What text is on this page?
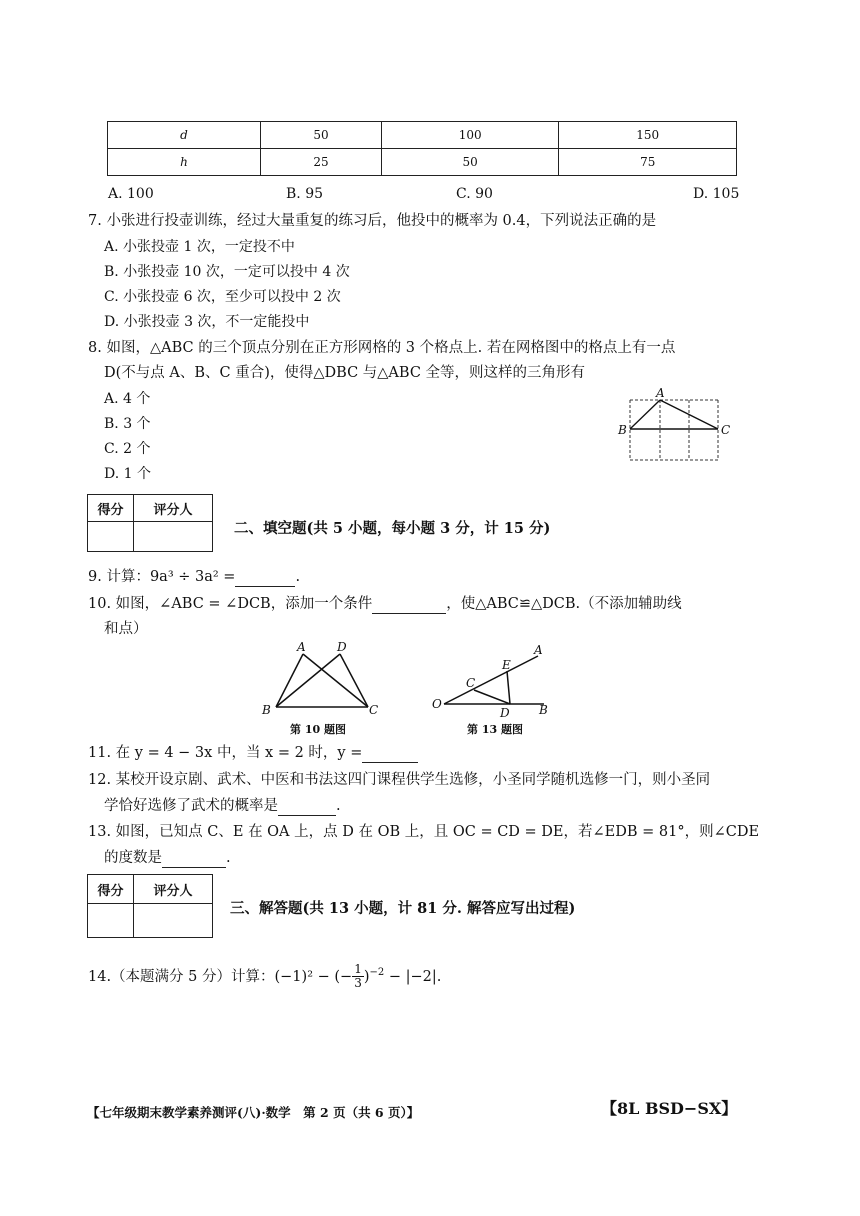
d	50	100	150
h	25	50	75
A. 100	B. 95	C. 90	D. 105
7. 小张进行投壶训练，经过大量重复的练习后，他投中的概率为 0.4，下列说法正确的是
A. 小张投壶 1 次，一定投不中
B. 小张投壶 10 次，一定可以投中 4 次
C. 小张投壶 6 次，至少可以投中 2 次
D. 小张投壶 3 次，不一定能投中
8. 如图，△ABC 的三个顶点分别在正方形网格的 3 个格点上. 若在网格图中的格点上有一点
D(不与点 A、B、C 重合)，使得△DBC 与△ABC 全等，则这样的三角形有
A. 4 个
B. 3 个
C. 2 个
D. 1 个
A
B	C
得分	评分人

二、填空题(共 5 小题，每小题 3 分，计 15 分)
9. 计算：9a³ ÷ 3a² =	.
10. 如图，∠ABC = ∠DCB，添加一个条件	，使△ABC≌△DCB.（不添加辅助线
和点）
A	D
B	C
第 10 题图
O
C
E
A
D B
第 13 题图
11. 在 y = 4 − 3x 中，当 x = 2 时，y =
12. 某校开设京剧、武术、中医和书法这四门课程供学生选修，小圣同学随机选修一门，则小圣同
学恰好选修了武术的概率是	.
13. 如图，已知点 C、E 在 OA 上，点 D 在 OB 上，且 OC = CD = DE，若∠EDB = 81°，则∠CDE
的度数是	.
得分	评分人

三、解答题(共 13 小题，计 81 分. 解答应写出过程)
14.（本题满分 5 分）计算：(−1)² − (− $\frac{1}{3} )^{-2} - |-2|$.
【七年级期末教学素养测评(八)·数学　第 2 页（共 6 页）】	【8L BSD−SX】
